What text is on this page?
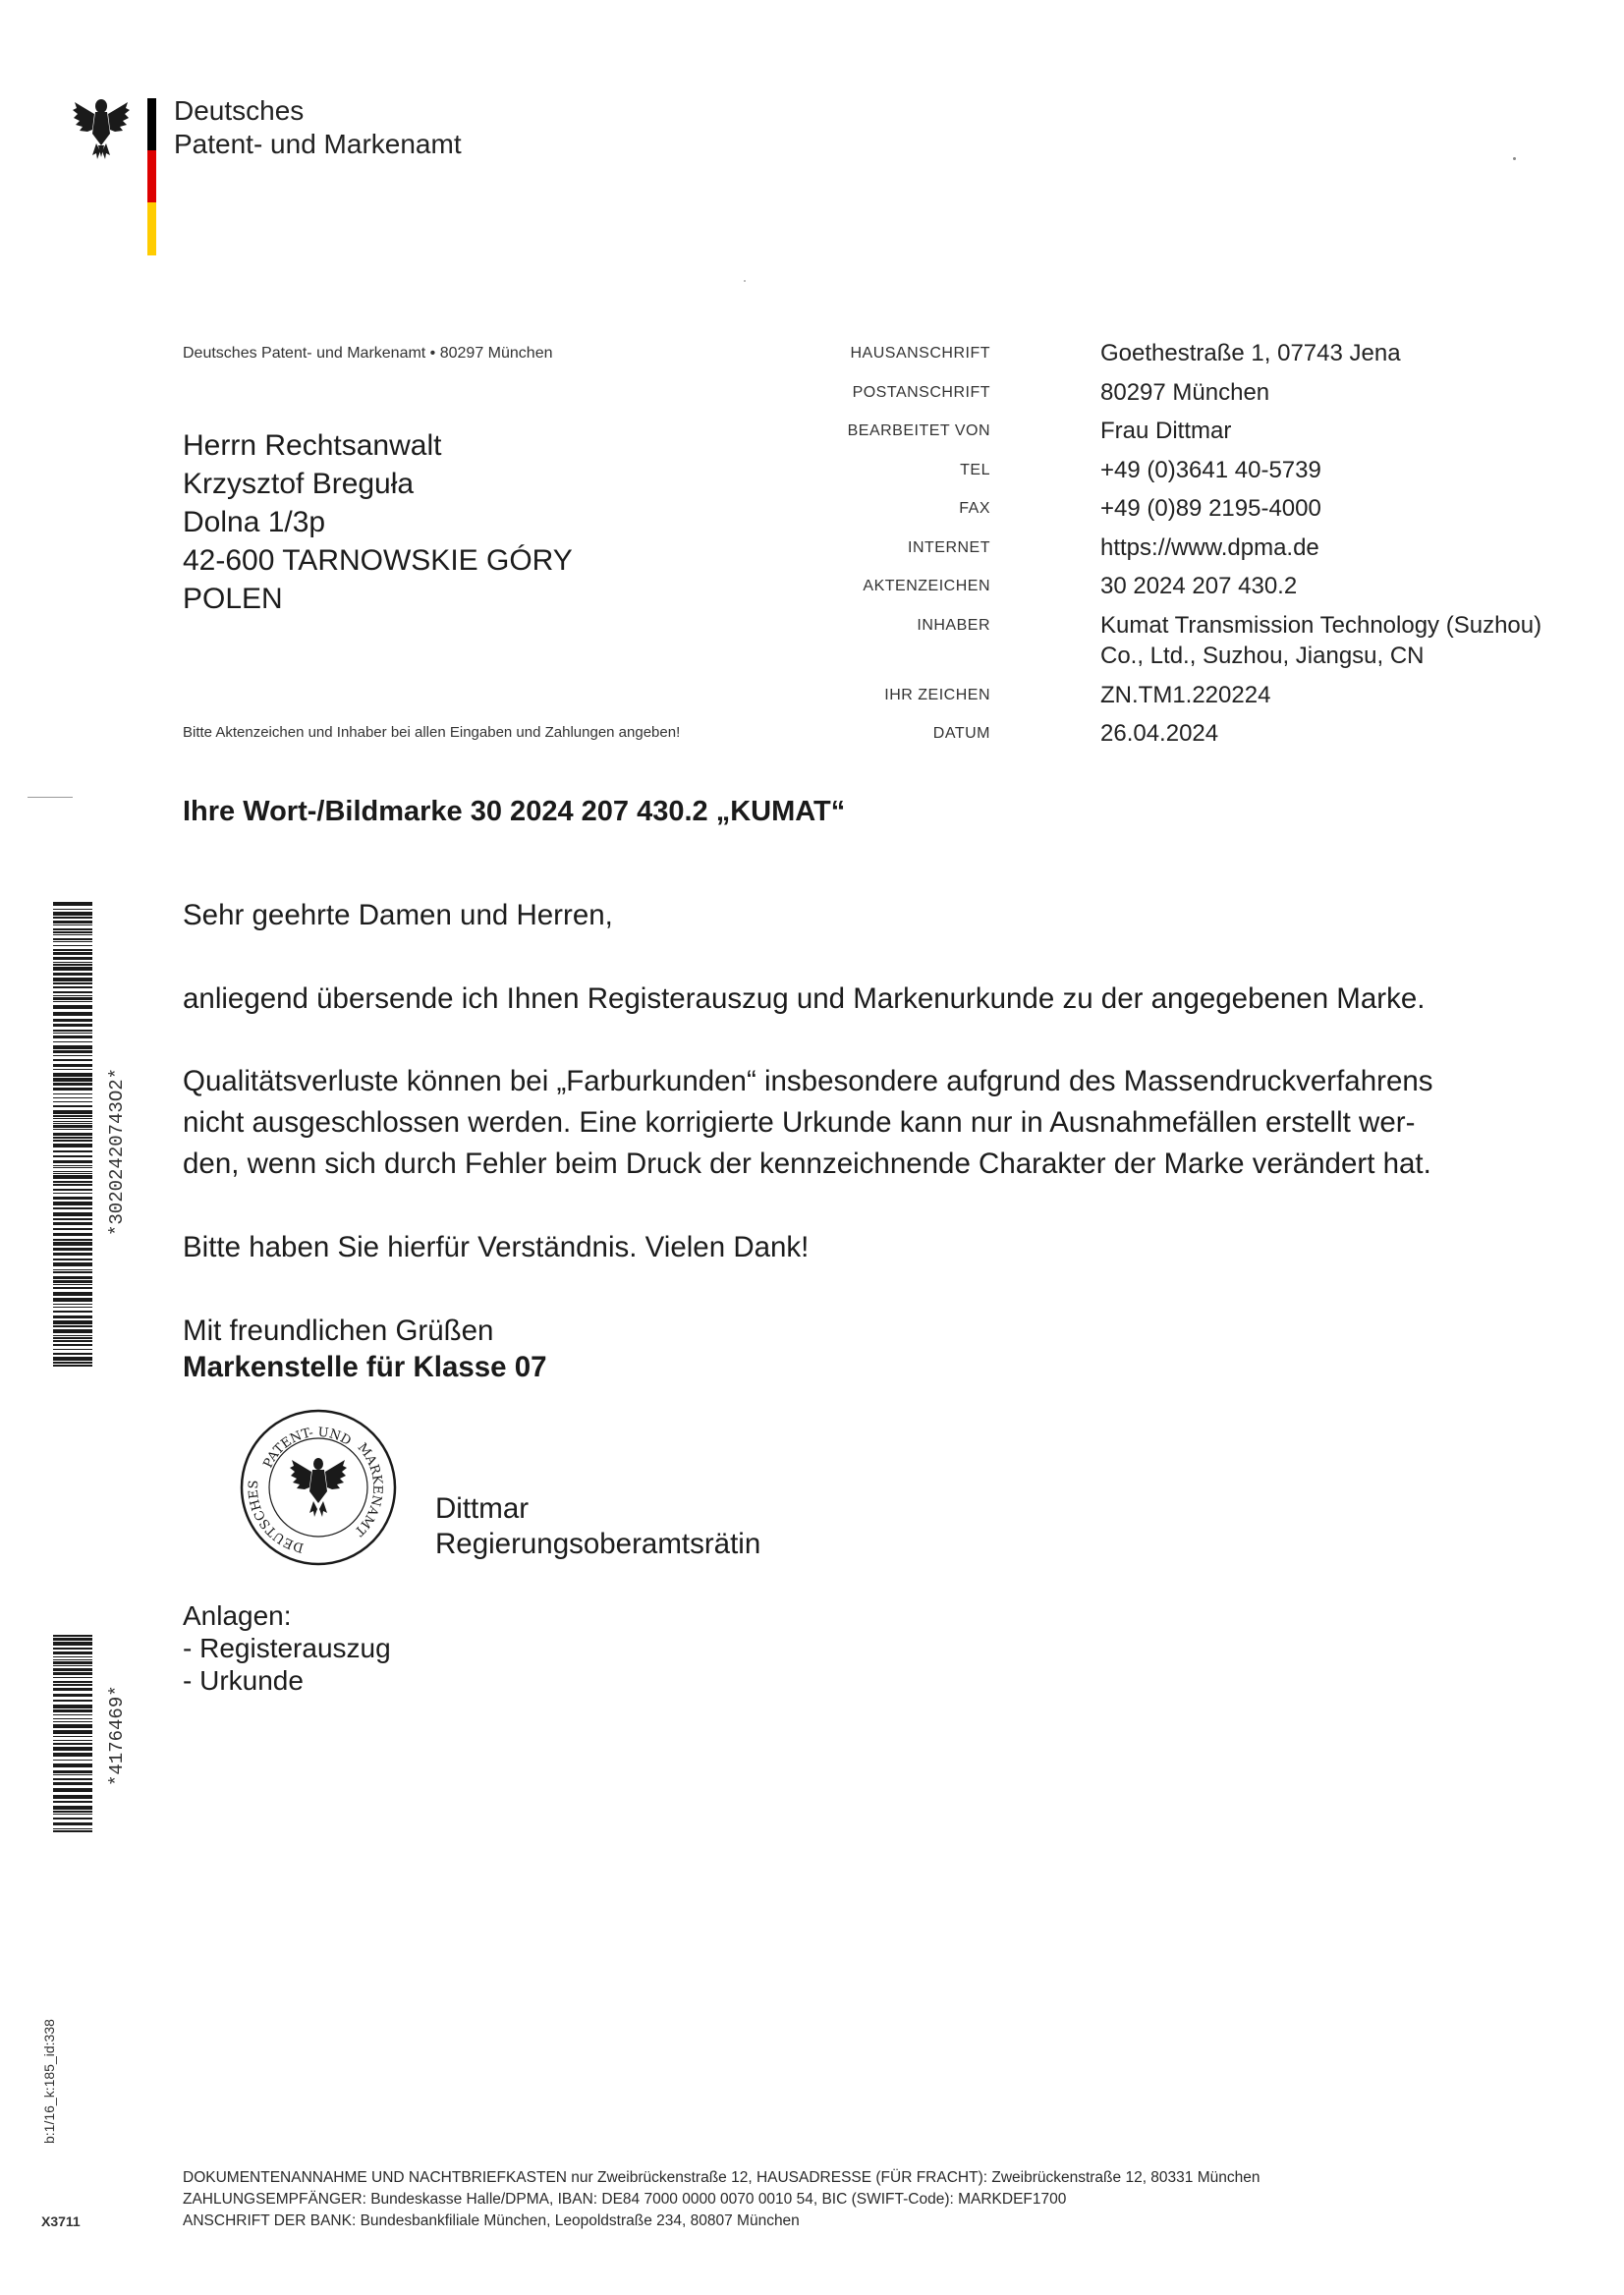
Deutsches
Patent- und Markenamt
Deutsches Patent- und Markenamt • 80297 München
Herrn Rechtsanwalt
Krzysztof Breguła
Dolna 1/3p
42-600 TARNOWSKIE GÓRY
POLEN
HAUSANSCHRIFT	Goethestraße 1, 07743 Jena
POSTANSCHRIFT	80297 München
BEARBEITET VON	Frau Dittmar
TEL	+49 (0)3641 40-5739
FAX	+49 (0)89 2195-4000
INTERNET	https://www.dpma.de
AKTENZEICHEN	30 2024 207 430.2
INHABER	Kumat Transmission Technology (Suzhou)
Co., Ltd., Suzhou, Jiangsu, CN
IHR ZEICHEN	ZN.TM1.220224
DATUM	26.04.2024
Bitte Aktenzeichen und Inhaber bei allen Eingaben und Zahlungen angeben!
Ihre Wort-/Bildmarke 30 2024 207 430.2 „KUMAT“
Sehr geehrte Damen und Herren,
anliegend übersende ich Ihnen Registerauszug und Markenurkunde zu der angegebenen Marke.
Qualitätsverluste können bei „Farburkunden“ insbesondere aufgrund des Massendruckverfahrens
nicht ausgeschlossen werden. Eine korrigierte Urkunde kann nur in Ausnahmefällen erstellt wer-
den, wenn sich durch Fehler beim Druck der kennzeichnende Charakter der Marke verändert hat.
Bitte haben Sie hierfür Verständnis. Vielen Dank!
Mit freundlichen Grüßen
Markenstelle für Klasse 07
PATENT- UND
DEUTSCHES
MARKENAMT
Dittmar
Regierungsoberamtsrätin
Anlagen:
- Registerauszug
- Urkunde
*30202420743O2*
*4176469*
b:1/16_k:185_id:338
X3711
DOKUMENTENANNAHME UND NACHTBRIEFKASTEN nur Zweibrückenstraße 12, HAUSADRESSE (FÜR FRACHT): Zweibrückenstraße 12, 80331 München
ZAHLUNGSEMPFÄNGER: Bundeskasse Halle/DPMA, IBAN: DE84 7000 0000 0070 0010 54, BIC (SWIFT-Code): MARKDEF1700
ANSCHRIFT DER BANK: Bundesbankfiliale München, Leopoldstraße 234, 80807 München
